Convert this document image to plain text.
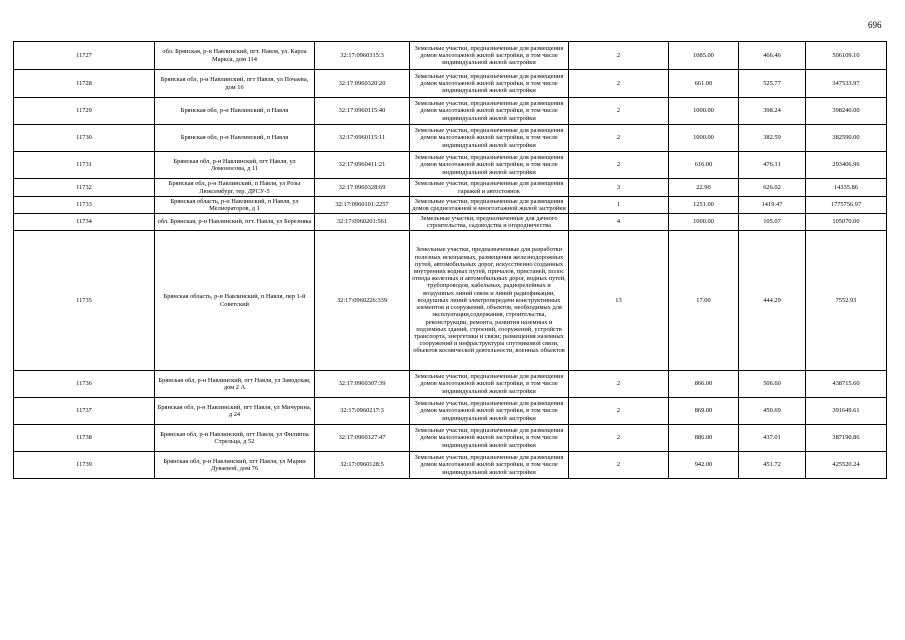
696
11727	обл. Брянская, р-н Навлинский, пгт. Навля, ул. Карла Маркса, дом 114	32:17:0960315:3	Земельные участки, предназначенные для размещения домов малоэтажной жилой застройки, в том числе индивидуальной жилой застройки	2	1085.00	466.46	506109.10
11728	Брянская обл, р-н Навлинский, пгт Навля, ул Почаева, дом 16	32:17:0960320:20	Земельные участки, предназначенные для размещения домов малоэтажной жилой застройки, в том числе индивидуальной жилой застройки	2	661.00	525.77	347533.97
11729	Брянская обл, р-н Навлинский, п Навля	32:17:0960115:40	Земельные участки, предназначенные для размещения домов малоэтажной жилой застройки, в том числе индивидуальной жилой застройки	2	1000.00	398.24	398240.00
11730	Брянская обл, р-н Навлинский, п Навля	32:17:0960115:11	Земельные участки, предназначенные для размещения домов малоэтажной жилой застройки, в том числе индивидуальной жилой застройки	2	1000.00	382.59	382590.00
11731	Брянская обл, р-н Навлинский, пгт Навля, ул Ломоносова, д 11	32:17:0960411:21	Земельные участки, предназначенные для размещения домов малоэтажной жилой застройки, в том числе индивидуальной жилой застройки	2	616.00	476.31	293406.96
11732	Брянская обл, р-н Навлинский, п Навля, ул Розы Люксембург, тер. ДРСУ-5	32:17:0960328:69	Земельные участки, предназначенные для размещения гаражей и автостоянок	3	22.90	626.02	14335.86
11733	Брянская область, р-н Навлинский, п Навля, ул Мелиораторов, д 1	32:17:0960101:2257	Земельные участки, предназначенные для размещения домов среднеэтажной и многоэтажной жилой застройки	1	1251.00	1419.47	1775756.97
11734	обл. Брянская, р-н Навлинский, пгт. Навля, ул Березняка	32:17:0960201:561	Земельные участки, предназначенные для дачного строительства, садоводства и огородничества	4	1000.00	105.07	105070.00
11735	Брянская область, р-н Навлинский, п Навля, пер 1-й Советский	32:17:0960226:339	Земельные участки, предназначенные для разработки полезных ископаемых, размещения железнодорожных путей, автомобильных дорог, искусственно созданных внутренних водных путей, причалов, пристаней, полос отвода железных и автомобильных дорог, водных путей, трубопроводов, кабельных, радиорелейных и воздушных линий связи и линий радиофикации, воздушных линий электропередачи конструктивных элементов и сооружений, объектов, необходимых для эксплуатации,содержания, строительства, реконструкции, ремонта, развития наземных и подземных зданий, строений, сооружений, устройств транспорта, энергетики и связи; размещения наземных сооружений и инфраструктуры спутниковой связи, объектов космической деятельности, военных объектов	13	17.00	444.29	7552.93
11736	Брянская обл, р-н Навлинский, пгт Навля, ул Заводская, дом 2 А	32:17:0960307:39	Земельные участки, предназначенные для размещения домов малоэтажной жилой застройки, в том числе индивидуальной жилой застройки	2	866.00	506.60	438715.60
11737	Брянская обл, р-н Навлинский, пгт Навля, ул Мичурина, д 24	32:17:0960217:3	Земельные участки, предназначенные для размещения домов малоэтажной жилой застройки, в том числе индивидуальной жилой застройки	2	869.00	450.69	391649.61
11738	Брянская обл, р-н Навлинский, пгт Навля, ул Филиппа Стрельца, д 52	32:17:0960127:47	Земельные участки, предназначенные для размещения домов малоэтажной жилой застройки, в том числе индивидуальной жилой застройки	2	886.00	437.01	387190.86
11739	Брянская обл, р-н Навлинский, пгт Навля, ул Марии Дуваевой, дом 76	32:17:0960128:5	Земельные участки, предназначенные для размещения домов малоэтажной жилой застройки, в том числе индивидуальной жилой застройки	2	942.00	451.72	425520.24
